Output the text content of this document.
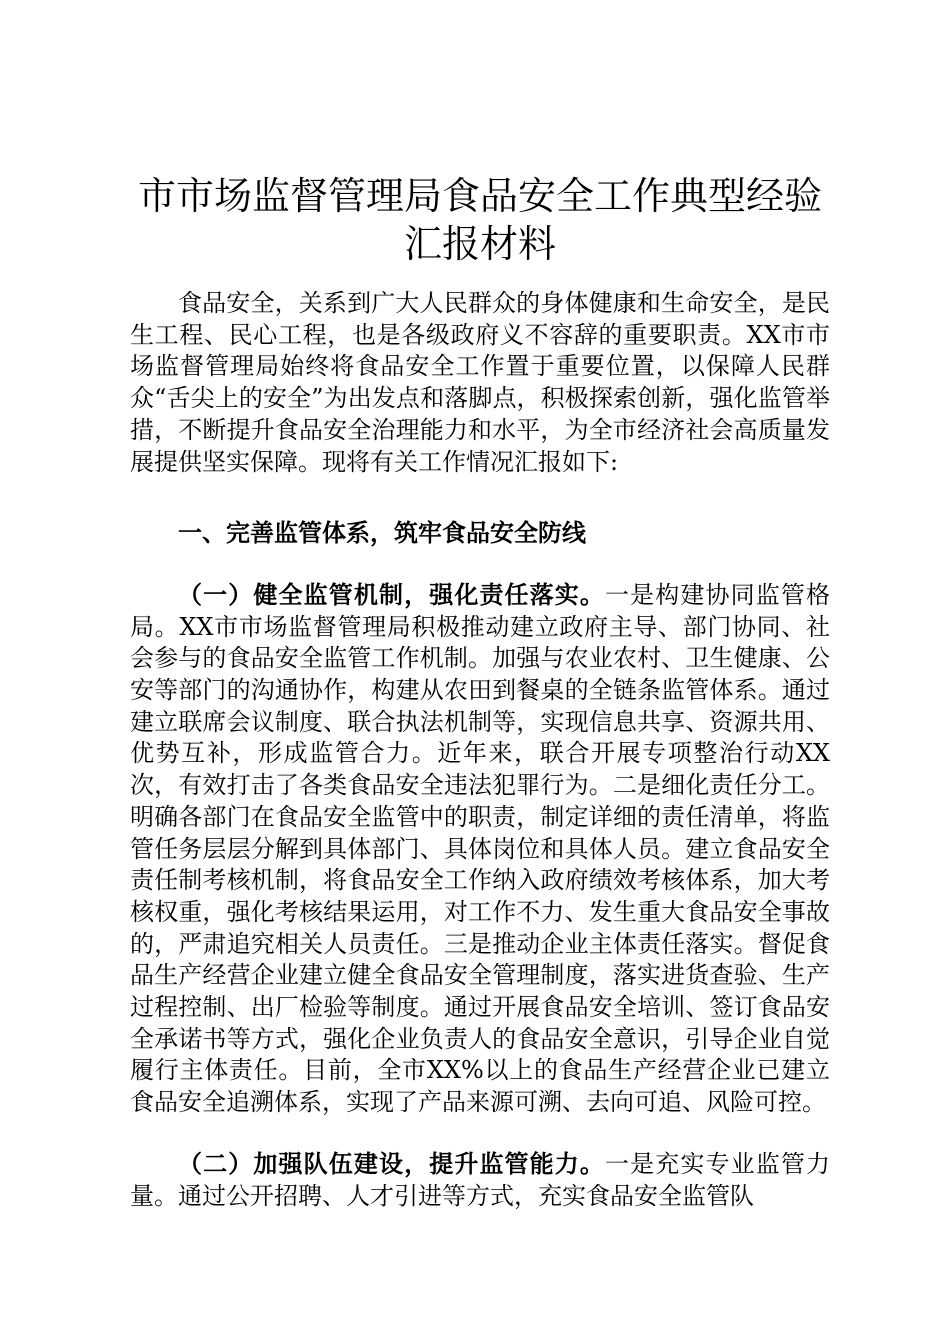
市市场监督管理局食品安全工作典型经验汇报材料

食品安全，关系到广大人民群众的身体健康和生命安全，是民生工程、民心工程，也是各级政府义不容辞的重要职责。XX市市场监督管理局始终将食品安全工作置于重要位置，以保障人民群众“舌尖上的安全”为出发点和落脚点，积极探索创新，强化监管举措，不断提升食品安全治理能力和水平，为全市经济社会高质量发展提供坚实保障。现将有关工作情况汇报如下:

一、完善监管体系，筑牢食品安全防线

（一）健全监管机制，强化责任落实。一是构建协同监管格局。XX市市场监督管理局积极推动建立政府主导、部门协同、社会参与的食品安全监管工作机制。加强与农业农村、卫生健康、公安等部门的沟通协作，构建从农田到餐桌的全链条监管体系。通过建立联席会议制度、联合执法机制等，实现信息共享、资源共用、优势互补，形成监管合力。近年来，联合开展专项整治行动XX次，有效打击了各类食品安全违法犯罪行为。二是细化责任分工。明确各部门在食品安全监管中的职责，制定详细的责任清单，将监管任务层层分解到具体部门、具体岗位和具体人员。建立食品安全责任制考核机制，将食品安全工作纳入政府绩效考核体系，加大考核权重，强化考核结果运用，对工作不力、发生重大食品安全事故的，严肃追究相关人员责任。三是推动企业主体责任落实。督促食品生产经营企业建立健全食品安全管理制度，落实进货查验、生产过程控制、出厂检验等制度。通过开展食品安全培训、签订食品安全承诺书等方式，强化企业负责人的食品安全意识，引导企业自觉履行主体责任。目前，全市XX%以上的食品生产经营企业已建立食品安全追溯体系，实现了产品来源可溯、去向可追、风险可控。

（二）加强队伍建设，提升监管能力。一是充实专业监管力量。通过公开招聘、人才引进等方式，充实食品安全监管队
